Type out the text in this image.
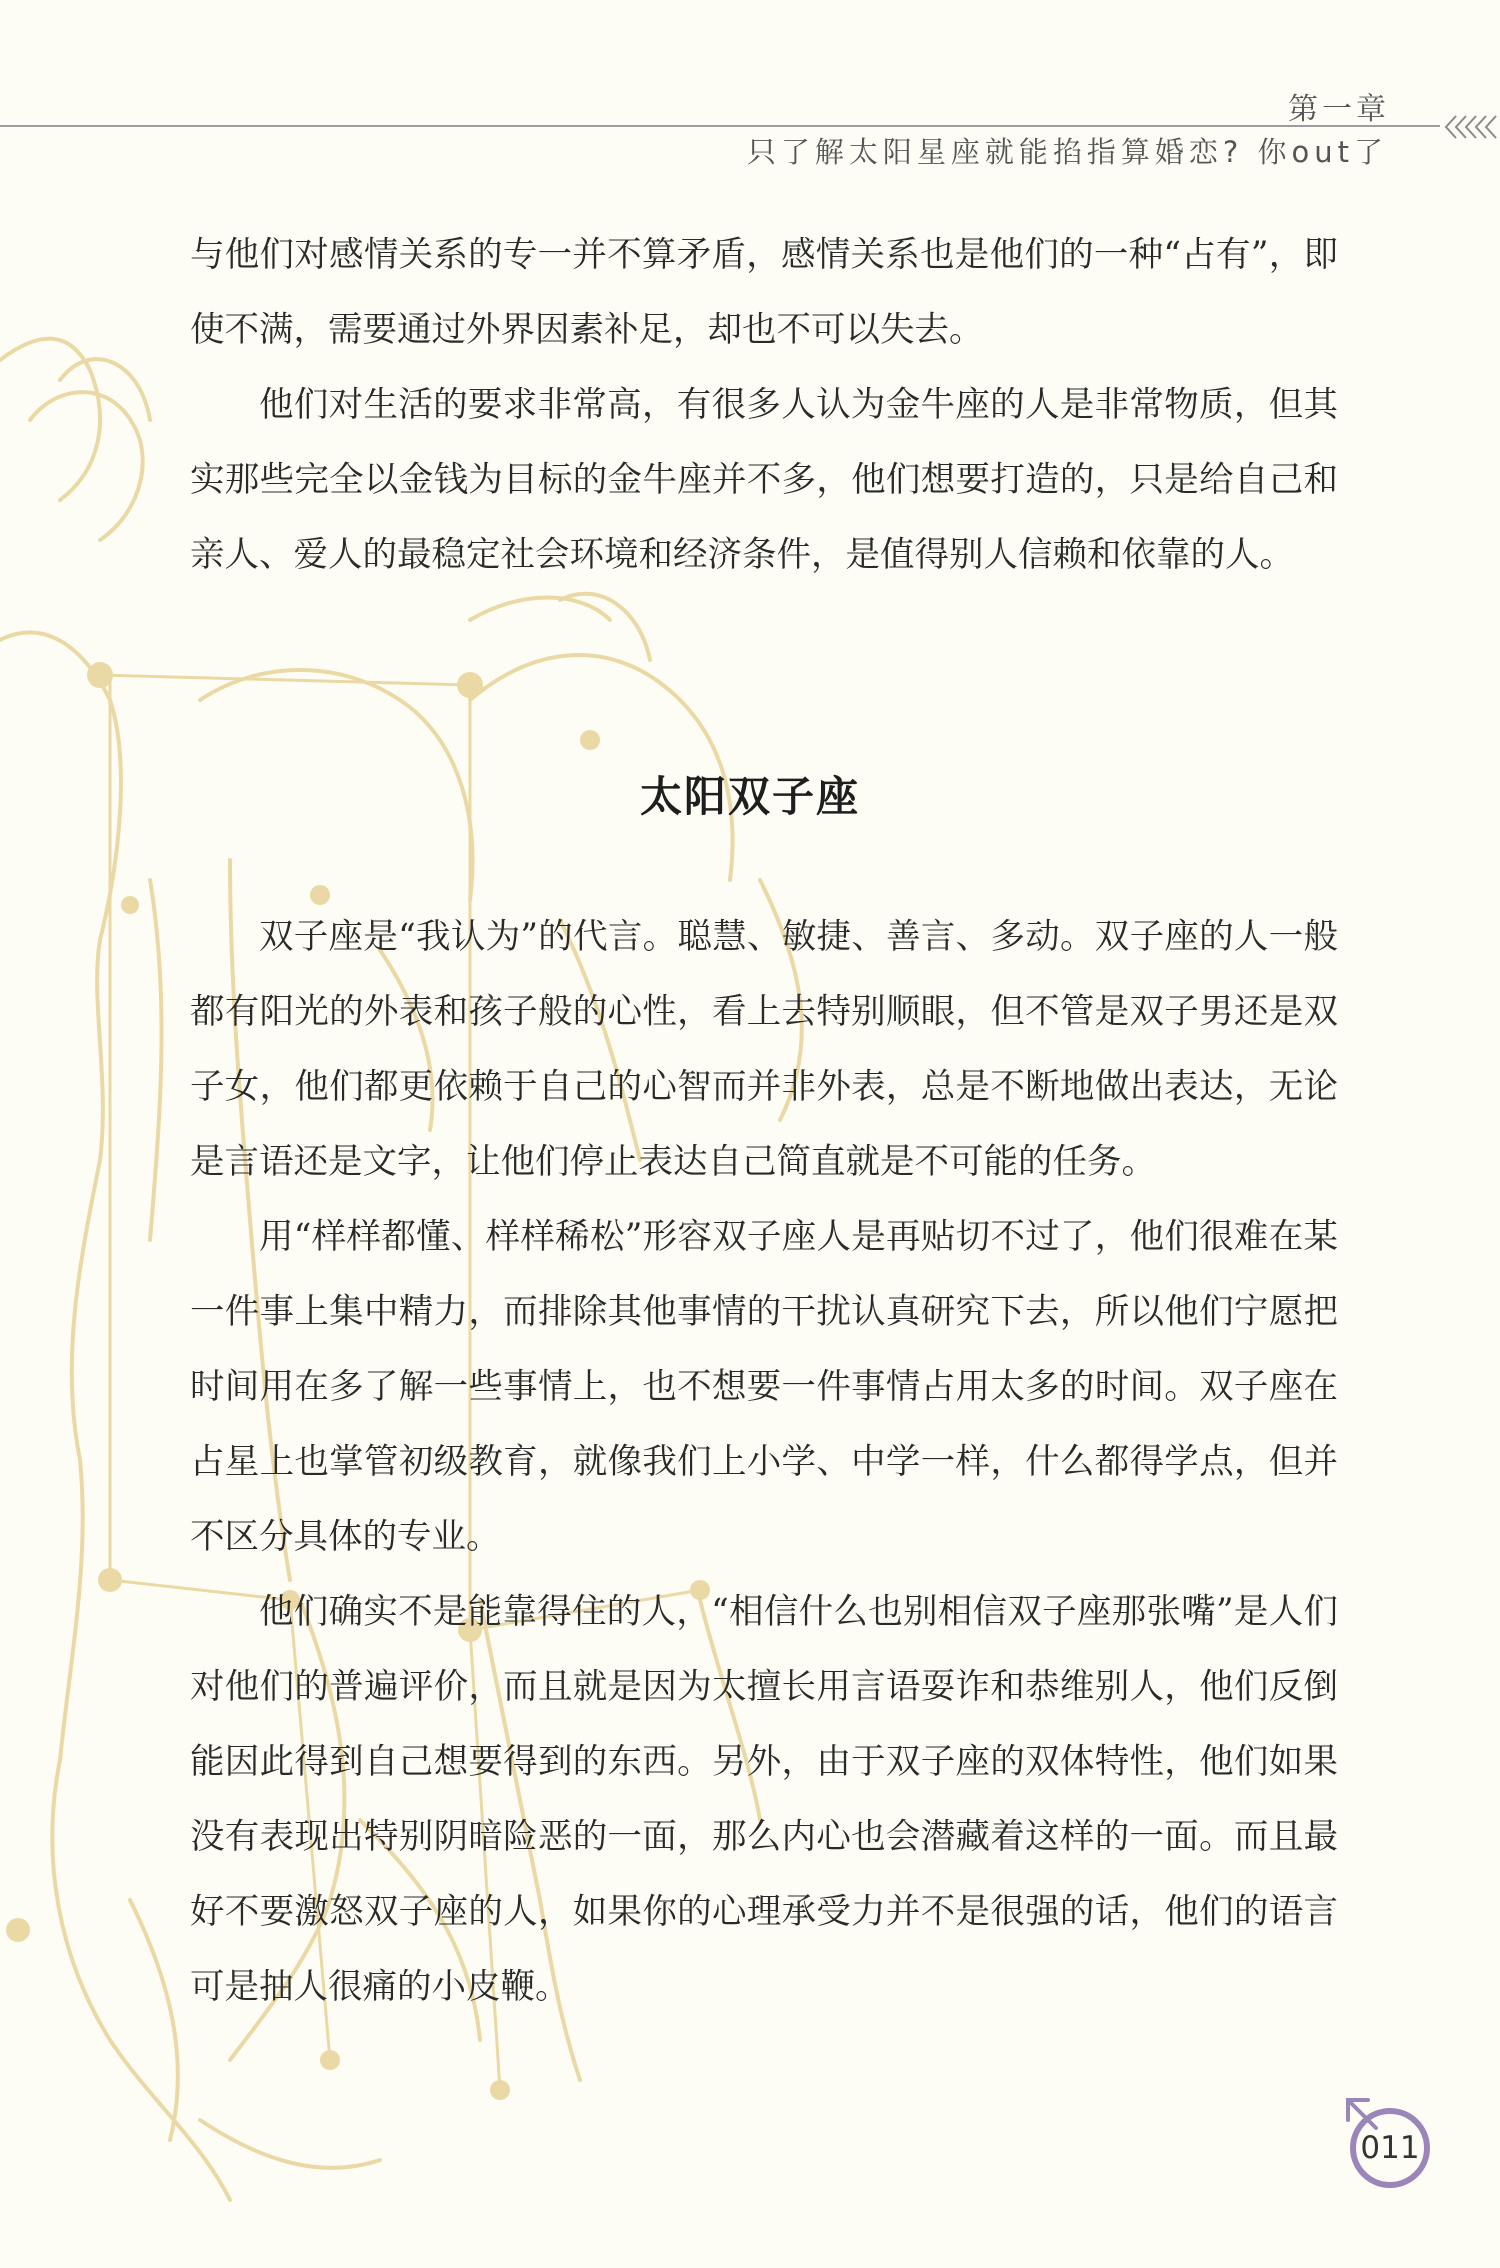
第一章
只了解太阳星座就能掐指算婚恋? 你out了

与他们对感情关系的专一并不算矛盾，感情关系也是他们的一种“占有”，即使不满，需要通过外界因素补足，却也不可以失去。

他们对生活的要求非常高，有很多人认为金牛座的人是非常物质，但其实那些完全以金钱为目标的金牛座并不多，他们想要打造的，只是给自己和亲人、爱人的最稳定社会环境和经济条件，是值得别人信赖和依靠的人。

太阳双子座

双子座是“我认为”的代言。聪慧、敏捷、善言、多动。双子座的人一般都有阳光的外表和孩子般的心性，看上去特别顺眼，但不管是双子男还是双子女，他们都更依赖于自己的心智而并非外表，总是不断地做出表达，无论是言语还是文字，让他们停止表达自己简直就是不可能的任务。

用“样样都懂、样样稀松”形容双子座人是再贴切不过了，他们很难在某一件事上集中精力，而排除其他事情的干扰认真研究下去，所以他们宁愿把时间用在多了解一些事情上，也不想要一件事情占用太多的时间。双子座在占星上也掌管初级教育，就像我们上小学、中学一样，什么都得学点，但并不区分具体的专业。

他们确实不是能靠得住的人，“相信什么也别相信双子座那张嘴”是人们对他们的普遍评价，而且就是因为太擅长用言语耍诈和恭维别人，他们反倒能因此得到自己想要得到的东西。另外，由于双子座的双体特性，他们如果没有表现出特别阴暗险恶的一面，那么内心也会潜藏着这样的一面。而且最好不要激怒双子座的人，如果你的心理承受力并不是很强的话，他们的语言可是抽人很痛的小皮鞭。

011
